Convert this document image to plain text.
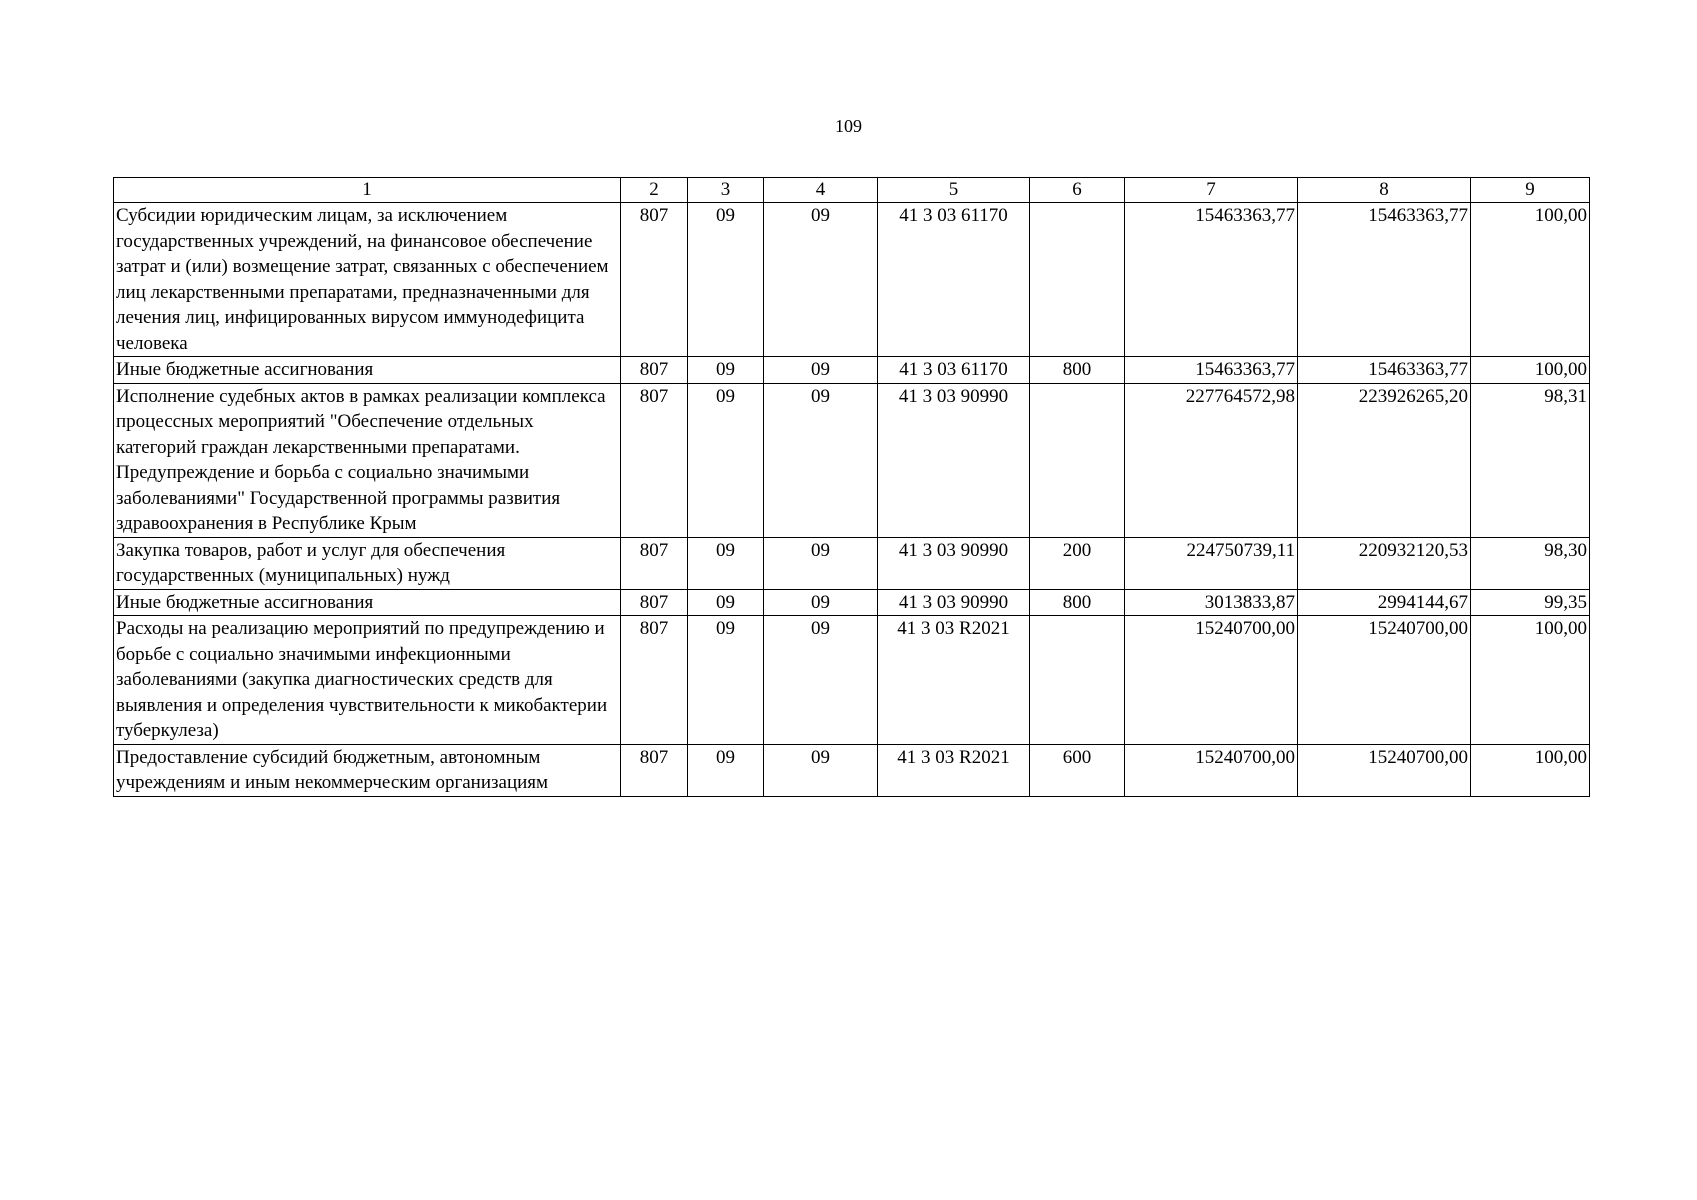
109
1	2	3	4	5	6	7	8	9
Субсидии юридическим лицам, за исключением государственных учреждений, на финансовое обеспечение затрат и (или) возмещение затрат, связанных с обеспечением лиц лекарственными препаратами, предназначенными для лечения лиц, инфицированных вирусом иммунодефицита человека	807	09	09	41 3 03 61170		15463363,77	15463363,77	100,00
Иные бюджетные ассигнования	807	09	09	41 3 03 61170	800	15463363,77	15463363,77	100,00
Исполнение судебных актов в рамках реализации комплекса процессных мероприятий "Обеспечение отдельных категорий граждан лекарственными препаратами. Предупреждение и борьба с социально значимыми заболеваниями" Государственной программы развития здравоохранения в Республике Крым	807	09	09	41 3 03 90990		227764572,98	223926265,20	98,31
Закупка товаров, работ и услуг для обеспечения государственных (муниципальных) нужд	807	09	09	41 3 03 90990	200	224750739,11	220932120,53	98,30
Иные бюджетные ассигнования	807	09	09	41 3 03 90990	800	3013833,87	2994144,67	99,35
Расходы на реализацию мероприятий по предупреждению и борьбе с социально значимыми инфекционными заболеваниями (закупка диагностических средств для выявления и определения чувствительности к микобактерии туберкулеза)	807	09	09	41 3 03 R2021		15240700,00	15240700,00	100,00
Предоставление субсидий бюджетным, автономным учреждениям и иным некоммерческим организациям	807	09	09	41 3 03 R2021	600	15240700,00	15240700,00	100,00
